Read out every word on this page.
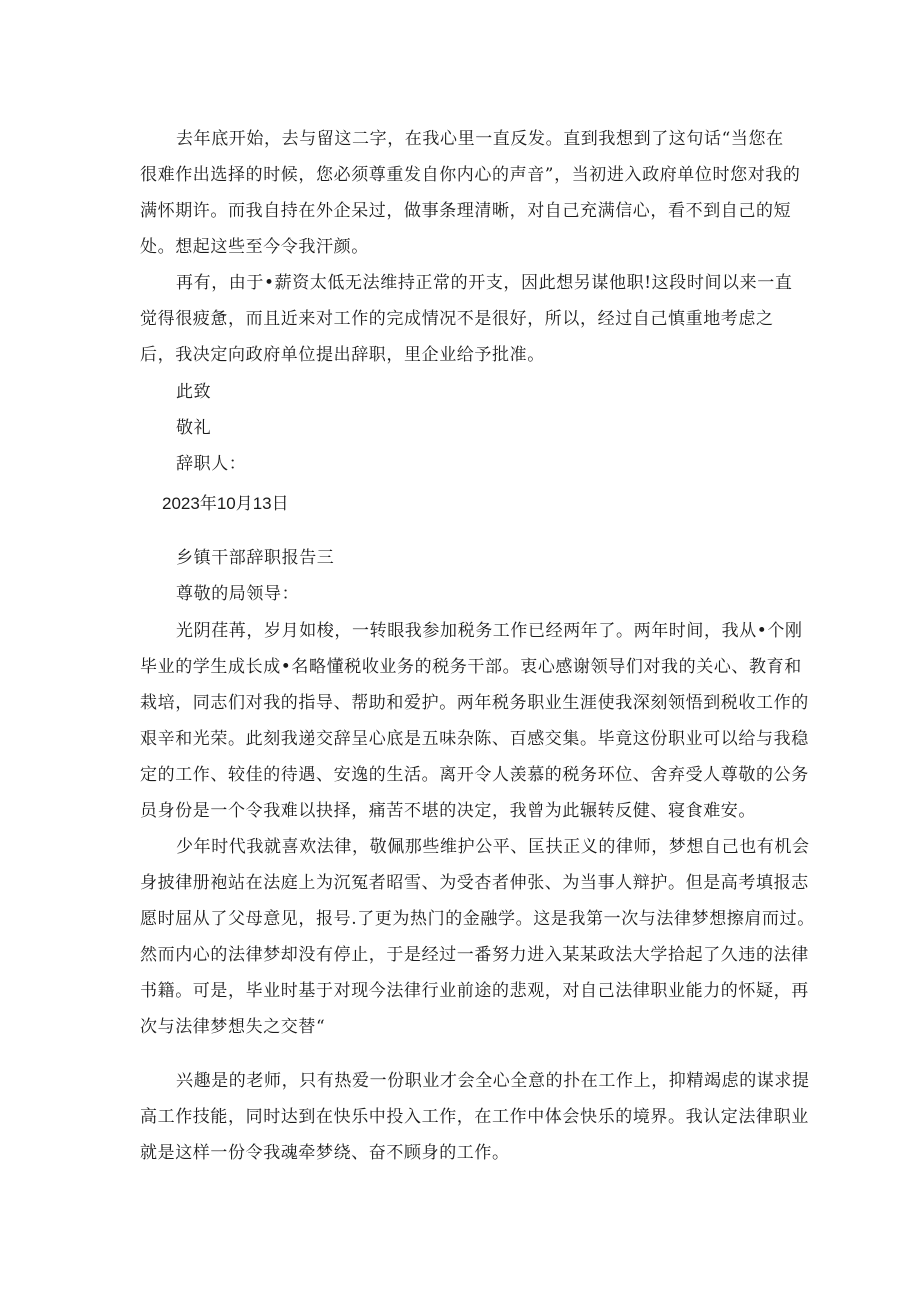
去年底开始，去与留这二字，在我心里一直反发。直到我想到了这句话“当您在

很难作出选择的时候，您必须尊重发自你内心的声音”，当初进入政府单位时您对我的

满怀期许。而我自持在外企呆过，做事条理清晰，对自己充满信心，看不到自己的短

处。想起这些至今令我汗颜。

再有，由于•薪资太低无法维持正常的开支，因此想另谋他职!这段时间以来一直

觉得很疲惫，而且近来对工作的完成情况不是很好，所以，经过自己慎重地考虑之

后，我决定向政府单位提出辞职，里企业给予批准。

此致

敬礼

辞职人：

2023年10月13日

乡镇干部辞职报告三

尊敬的局领导：

光阴荏苒，岁月如梭，一转眼我参加税务工作已经两年了。两年时间，我从•个刚

毕业的学生成长成•名略懂税收业务的税务干部。衷心感谢领导们对我的关心、教育和

栽培，同志们对我的指导、帮助和爱护。两年税务职业生涯使我深刻领悟到税收工作的

艰辛和光荣。此刻我递交辞呈心底是五味杂陈、百感交集。毕竟这份职业可以给与我稳

定的工作、较佳的待遇、安逸的生活。离开令人羡慕的税务环位、舍弃受人尊敬的公务

员身份是一个令我难以抉择，痛苦不堪的决定，我曾为此辗转反健、寝食难安。

少年时代我就喜欢法律，敬佩那些维护公平、匡扶正义的律师，梦想自己也有机会

身披律册袍站在法庭上为沉冤者昭雪、为受杏者伸张、为当事人辩护。但是高考填报志

愿时屈从了父母意见，报号.了更为热门的金融学。这是我第一次与法律梦想擦肩而过。

然而内心的法律梦却没有停止，于是经过一番努力进入某某政法大学拾起了久违的法律

书籍。可是，毕业时基于对现今法律行业前途的悲观，对自己法律职业能力的怀疑，再

次与法律梦想失之交替“

兴趣是的老师，只有热爱一份职业才会全心全意的扑在工作上，抑精竭虑的谋求提

高工作技能，同时达到在快乐中投入工作，在工作中体会快乐的境界。我认定法律职业

就是这样一份令我魂牵梦绕、奋不顾身的工作。
